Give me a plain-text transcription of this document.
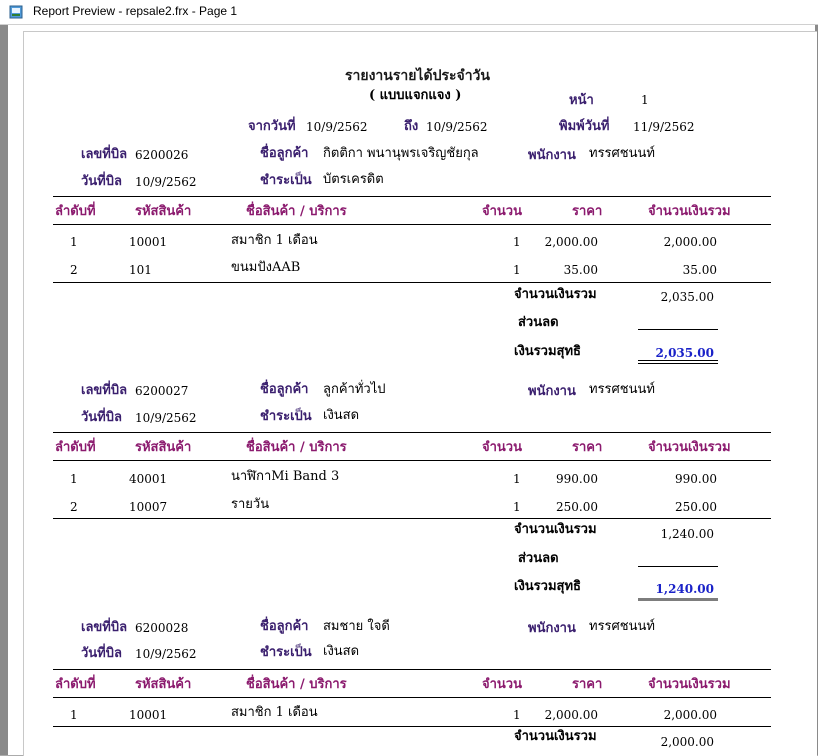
Report Preview - repsale2.frx - Page 1
รายงานรายได้ประจำวัน
( แบบแจกแจง )	หน้า	1
จากวันที่ 10/9/2562	ถึง 10/9/2562	พิมพ์วันที่ 11/9/2562
เลขที่บิล 6200026	ชื่อลูกค้า กิตติกา พนานุพรเจริญชัยกุล	พนักงาน ทรรศชนนท์
วันที่บิล 10/9/2562	ชำระเป็น บัตรเครดิต
ลำดับที่	รหัสสินค้า	ชื่อสินค้า / บริการ	จำนวน	ราคา	จำนวนเงินรวม
1	10001	สมาชิก 1 เดือน	1	2,000.00	2,000.00
2	101	ขนมปังAAB	1	35.00	35.00
จำนวนเงินรวม	2,035.00
ส่วนลด
เงินรวมสุทธิ	2,035.00
เลขที่บิล 6200027	ชื่อลูกค้า ลูกค้าทั่วไป	พนักงาน ทรรศชนนท์
วันที่บิล 10/9/2562	ชำระเป็น เงินสด
ลำดับที่	รหัสสินค้า	ชื่อสินค้า / บริการ	จำนวน	ราคา	จำนวนเงินรวม
1	40001	นาฬิกาMi Band 3	1	990.00	990.00
2	10007	รายวัน	1	250.00	250.00
จำนวนเงินรวม	1,240.00
ส่วนลด
เงินรวมสุทธิ	1,240.00
เลขที่บิล 6200028	ชื่อลูกค้า สมชาย ใจดี	พนักงาน ทรรศชนนท์
วันที่บิล 10/9/2562	ชำระเป็น เงินสด
ลำดับที่	รหัสสินค้า	ชื่อสินค้า / บริการ	จำนวน	ราคา	จำนวนเงินรวม
1	10001	สมาชิก 1 เดือน	1	2,000.00	2,000.00
จำนวนเงินรวม	2,000.00
